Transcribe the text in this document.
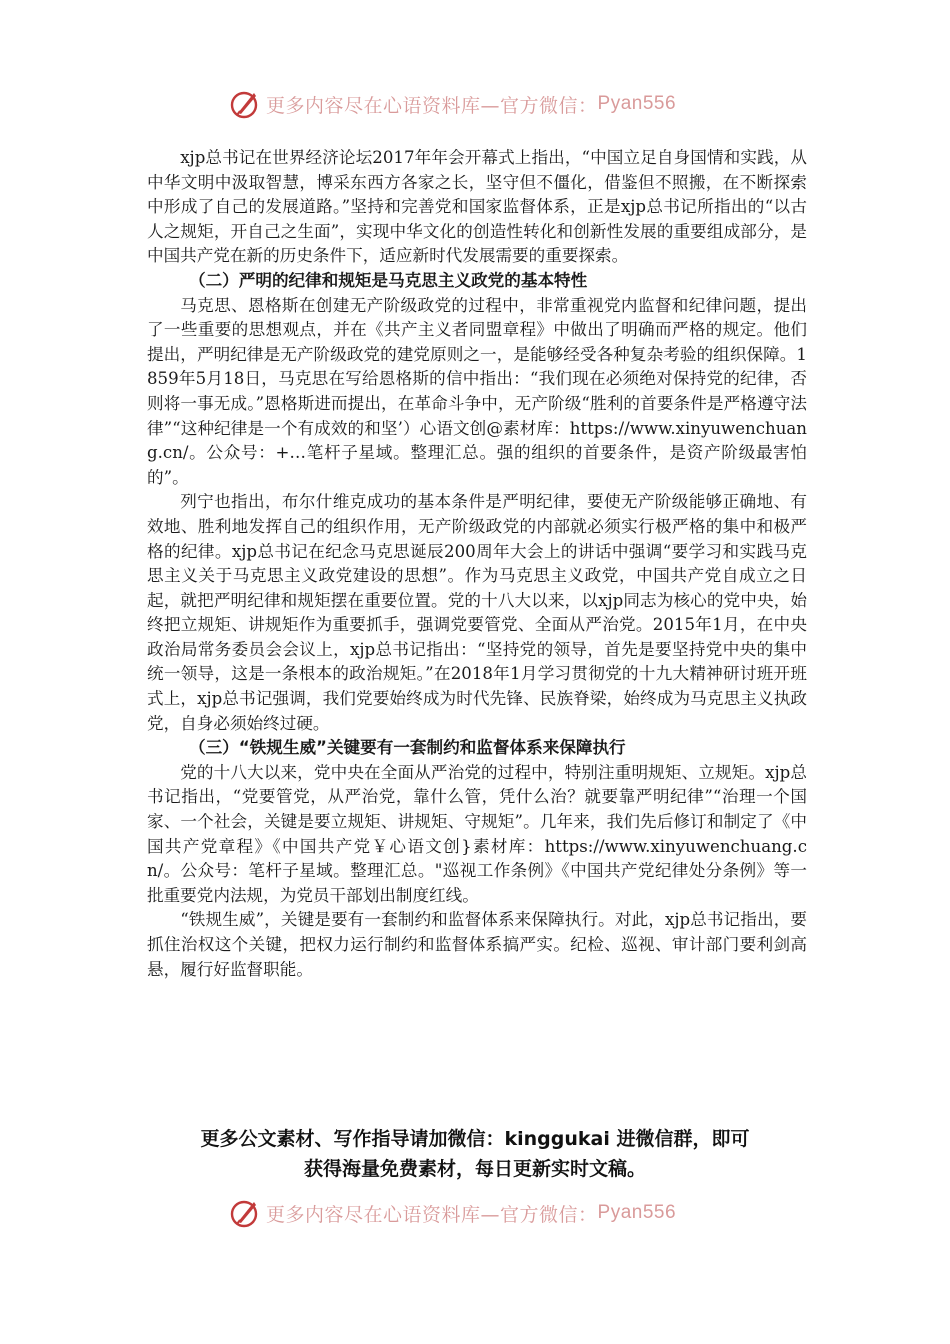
更多内容尽在心语资料库—官方微信： Pyan556

xjp总书记在世界经济论坛2017年年会开幕式上指出，“中国立足自身国情和实践，从中华文明中汲取智慧，博采东西方各家之长，坚守但不僵化，借鉴但不照搬，在不断探索中形成了自己的发展道路。”坚持和完善党和国家监督体系，正是xjp总书记所指出的“以古人之规矩，开自己之生面”，实现中华文化的创造性转化和创新性发展的重要组成部分，是中国共产党在新的历史条件下，适应新时代发展需要的重要探索。

（二）严明的纪律和规矩是马克思主义政党的基本特性

马克思、恩格斯在创建无产阶级政党的过程中，非常重视党内监督和纪律问题，提出了一些重要的思想观点，并在《共产主义者同盟章程》中做出了明确而严格的规定。他们提出，严明纪律是无产阶级政党的建党原则之一，是能够经受各种复杂考验的组织保障。1859年5月18日，马克思在写给恩格斯的信中指出：“我们现在必须绝对保持党的纪律，否则将一事无成。”恩格斯进而提出，在革命斗争中，无产阶级“胜利的首要条件是严格遵守法律”“这种纪律是一个有成效的和坚’）心语文创@素材库：https://www.xinyuwenchuang.cn/。公众号：+…笔杆子星域。整理汇总。强的组织的首要条件，是资产阶级最害怕的”。

列宁也指出，布尔什维克成功的基本条件是严明纪律，要使无产阶级能够正确地、有效地、胜利地发挥自己的组织作用，无产阶级政党的内部就必须实行极严格的集中和极严格的纪律。xjp总书记在纪念马克思诞辰200周年大会上的讲话中强调“要学习和实践马克思主义关于马克思主义政党建设的思想”。作为马克思主义政党，中国共产党自成立之日起，就把严明纪律和规矩摆在重要位置。党的十八大以来，以xjp同志为核心的党中央，始终把立规矩、讲规矩作为重要抓手，强调党要管党、全面从严治党。2015年1月，在中央政治局常务委员会会议上，xjp总书记指出：“坚持党的领导，首先是要坚持党中央的集中统一领导，这是一条根本的政治规矩。”在2018年1月学习贯彻党的十九大精神研讨班开班式上，xjp总书记强调，我们党要始终成为时代先锋、民族脊梁，始终成为马克思主义执政党，自身必须始终过硬。

（三）“铁规生威”关键要有一套制约和监督体系来保障执行

党的十八大以来，党中央在全面从严治党的过程中，特别注重明规矩、立规矩。xjp总书记指出，“党要管党，从严治党，靠什么管，凭什么治？就要靠严明纪律”“治理一个国家、一个社会，关键是要立规矩、讲规矩、守规矩”。几年来，我们先后修订和制定了《中国共产党章程》《中国共产党￥心语文创}素材库：https://www.xinyuwenchuang.cn/。公众号：笔杆子星域。整理汇总。"巡视工作条例》《中国共产党纪律处分条例》等一批重要党内法规，为党员干部划出制度红线。

“铁规生威”，关键是要有一套制约和监督体系来保障执行。对此，xjp总书记指出，要抓住治权这个关键，把权力运行制约和监督体系搞严实。纪检、巡视、审计部门要利剑高悬，履行好监督职能。

更多公文素材、写作指导请加微信：kinggukai 进微信群，即可
获得海量免费素材，每日更新实时文稿。
更多内容尽在心语资料库—官方微信： Pyan556
